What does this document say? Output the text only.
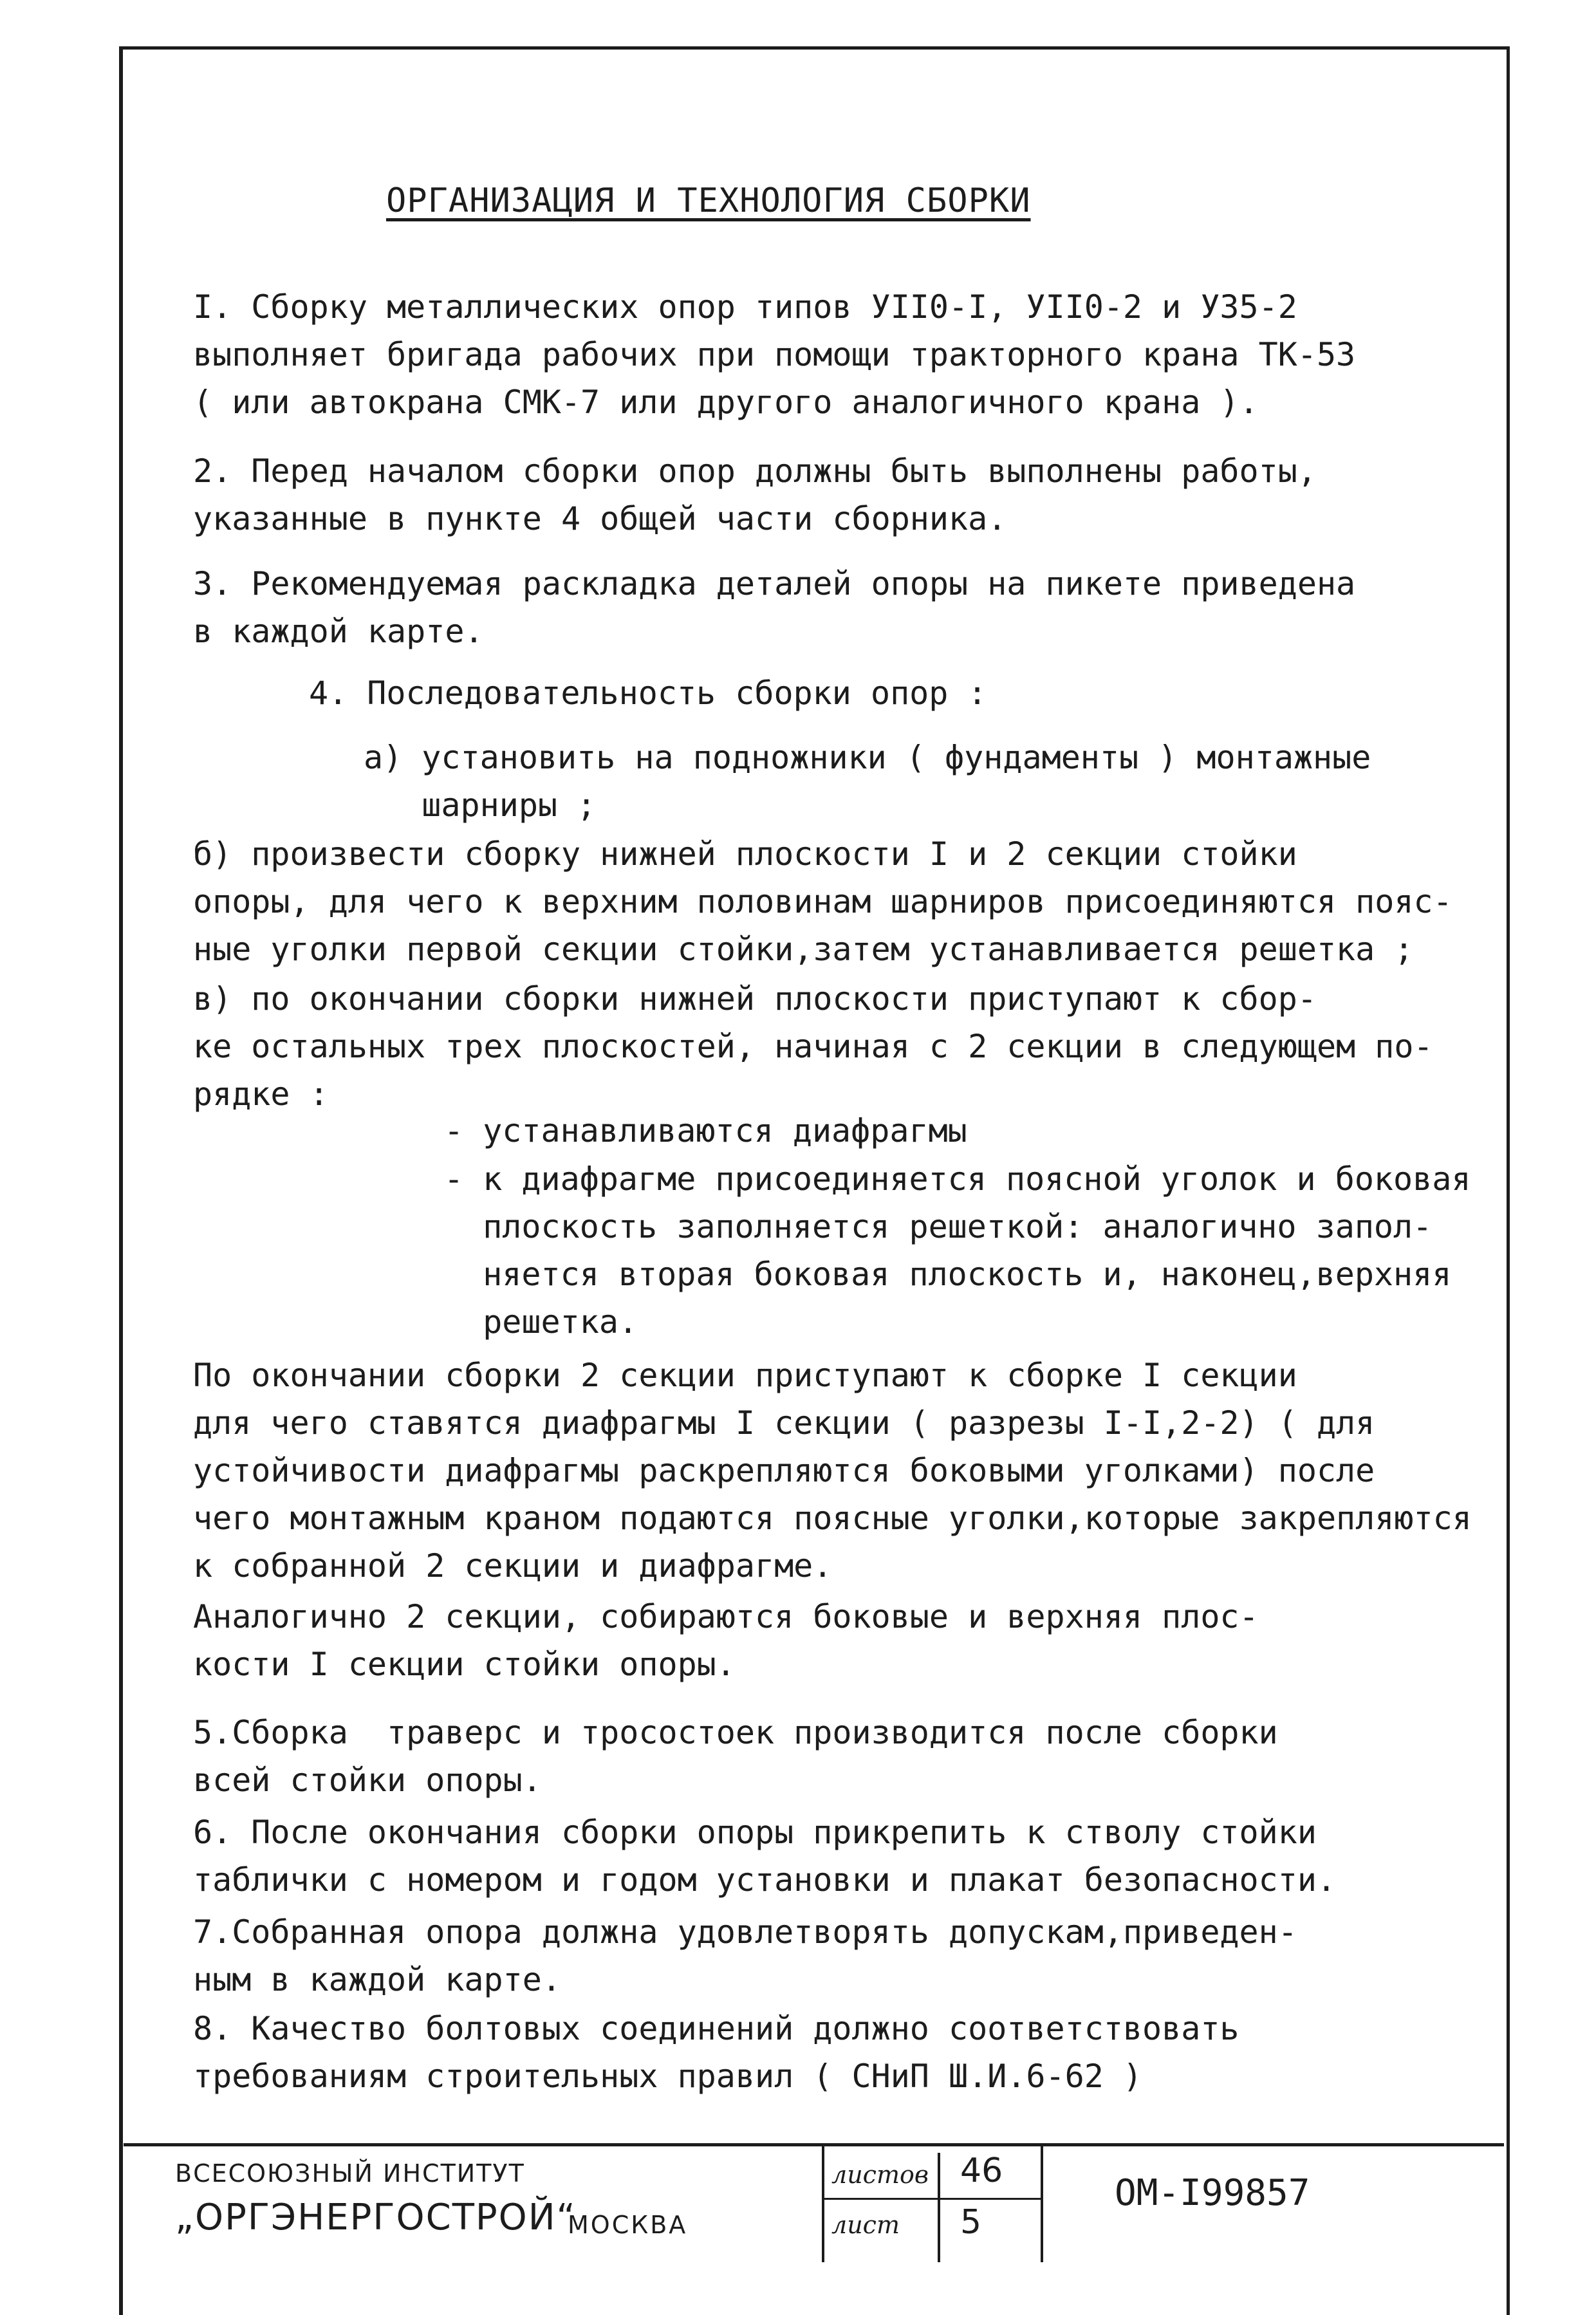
ОРГАНИЗАЦИЯ И ТЕХНОЛОГИЯ СБОРКИ

I. Сборку металлических опор типов УII0-I, УII0-2 и У35-2
выполняет бригада рабочих при помощи тракторного крана ТК-53
( или автокрана СМК-7 или другого аналогичного крана ).

2. Перед началом сборки опор должны быть выполнены работы,
указанные в пункте 4 общей части сборника.

3. Рекомендуемая раскладка деталей опоры на пикете приведена
в каждой карте.

4. Последовательность сборки опор :

а) установить на подножники ( фундаменты ) монтажные
шарниры ;

б) произвести сборку нижней плоскости I и 2 секции стойки
опоры, для чего к верхним половинам шарниров присоединяются пояс-
ные уголки первой секции стойки,затем устанавливается решетка ;

в) по окончании сборки нижней плоскости приступают к сбор-
ке остальных трех плоскостей, начиная с 2 секции в следующем по-
рядке :

- устанавливаются диафрагмы

- к диафрагме присоединяется поясной уголок и боковая
плоскость заполняется решеткой: аналогично запол-
няется вторая боковая плоскость и, наконец,верхняя
решетка.

По окончании сборки 2 секции приступают к сборке I секции
для чего ставятся диафрагмы I секции ( разрезы I-I,2-2) ( для
устойчивости диафрагмы раскрепляются боковыми уголками) после
чего монтажным краном подаются поясные уголки,которые закрепляются
к собранной 2 секции и диафрагме.

Аналогично 2 секции, собираются боковые и верхняя плос-
кости I секции стойки опоры.

5.Сборка  траверс и тросостоек производится после сборки
всей стойки опоры.

6. После окончания сборки опоры прикрепить к стволу стойки
таблички с номером и годом установки и плакат безопасности.

7.Собранная опора должна удовлетворять допускам,приведен-
ным в каждой карте.

8. Качество болтовых соединений должно соответствовать
требованиям строительных правил ( СНиП Ш.И.6-62 )

ВСЕСОЮЗНЫЙ ИНСТИТУТ
„ОРГЭНЕРГОСТРОЙ“
МОСКВА
листов 46
лист 5
ОМ-I99857
